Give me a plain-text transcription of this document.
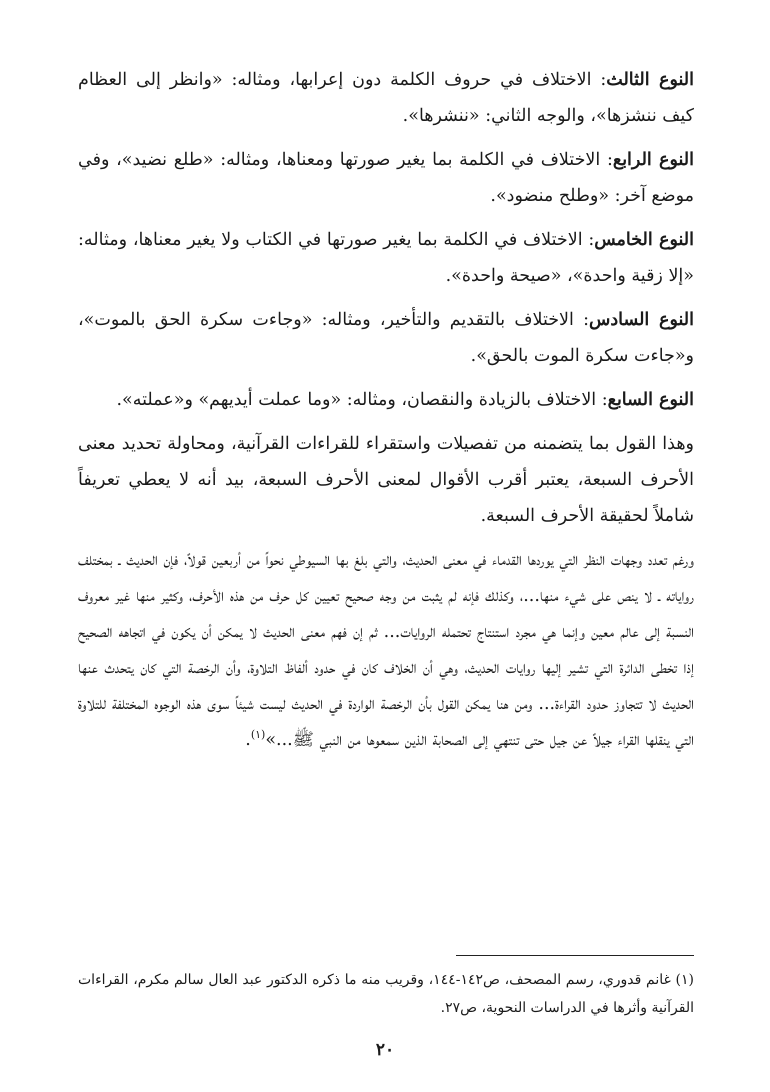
النوع الثالث: الاختلاف في حروف الكلمة دون إعرابها، ومثاله: «وانظر إلى العظام كيف ننشزها»، والوجه الثاني: «ننشرها».

النوع الرابع: الاختلاف في الكلمة بما يغير صورتها ومعناها، ومثاله: «طلع نضيد»، وفي موضع آخر: «وطلح منضود».

النوع الخامس: الاختلاف في الكلمة بما يغير صورتها في الكتاب ولا يغير معناها، ومثاله: «إلا زقية واحدة»، «صيحة واحدة».

النوع السادس: الاختلاف بالتقديم والتأخير، ومثاله: «وجاءت سكرة الحق بالموت»، و«جاءت سكرة الموت بالحق».

النوع السابع: الاختلاف بالزيادة والنقصان، ومثاله: «وما عملت أيديهم» و«عملته».

وهذا القول بما يتضمنه من تفصيلات واستقراء للقراءات القرآنية، ومحاولة تحديد معنى الأحرف السبعة، يعتبر أقرب الأقوال لمعنى الأحرف السبعة، بيد أنه لا يعطي تعريفاً شاملاً لحقيقة الأحرف السبعة.

ورغم تعدد وجهات النظر التي يوردها القدماء في معنى الحديث، والتي بلغ بها السيوطي نحواً من أربعين قولاً، فإن الحديث ـ بمختلف رواياته ـ لا ينص على شيء منها...، وكذلك فإنه لم يثبت من وجه صحيح تعيين كل حرف من هذه الأحرف، وكثير منها غير معروف النسبة إلى عالم معين وإنما هي مجرد استنتاج تحتمله الروايات... ثم إن فهم معنى الحديث لا يمكن أن يكون في اتجاهه الصحيح إذا تخطى الدائرة التي تشير إليها روايات الحديث، وهي أن الخلاف كان في حدود ألفاظ التلاوة، وأن الرخصة التي كان يتحدث عنها الحديث لا تتجاوز حدود القراءة... ومن هنا يمكن القول بأن الرخصة الواردة في الحديث ليست شيئاً سوى هذه الوجوه المختلفة للتلاوة التي ينقلها القراء جيلاً عن جيل حتى تنتهي إلى الصحابة الذين سمعوها من النبي ﷺ...»$^{(١)}$.

(١) غانم قدوري، رسم المصحف، ص١٤٢-١٤٤، وقريب منه ما ذكره الدكتور عبد العال سالم مكرم، القراءات القرآنية وأثرها في الدراسات النحوية، ص٢٧.
٢٠
